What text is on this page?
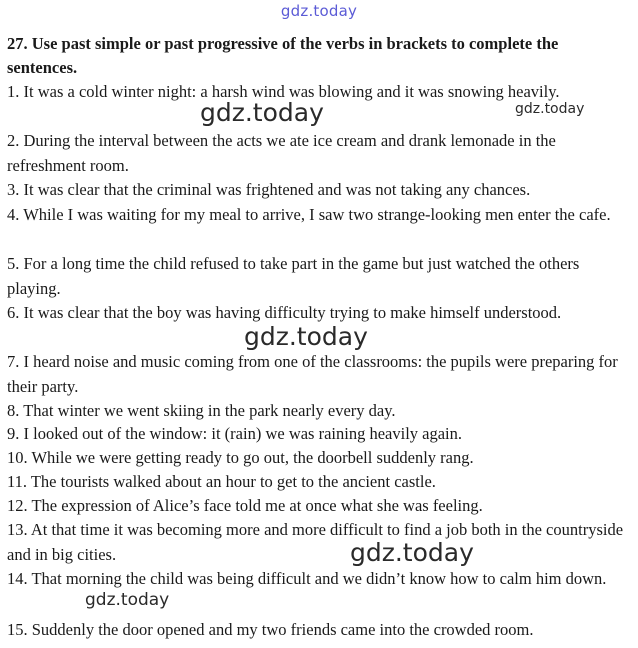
gdz.today
27. Use past simple or past progressive of the verbs in brackets to complete the sentences.
1. It was a cold winter night: a harsh wind was blowing and it was snowing heavily.
2. During the interval between the acts we ate ice cream and drank lemonade in the refreshment room.
3. It was clear that the criminal was frightened and was not taking any chances.
4. While I was waiting for my meal to arrive, I saw two strange-looking men enter the cafe.
5. For a long time the child refused to take part in the game but just watched the others playing.
6. It was clear that the boy was having difficulty trying to make himself understood.
7. I heard noise and music coming from one of the classrooms: the pupils were preparing for their party.
8. That winter we went skiing in the park nearly every day.
9. I looked out of the window: it (rain) we was raining heavily again.
10. While we were getting ready to go out, the doorbell suddenly rang.
11. The tourists walked about an hour to get to the ancient castle.
12. The expression of Alice’s face told me at once what she was feeling.
13. At that time it was becoming more and more difficult to find a job both in the countryside and in big cities.
14. That morning the child was being difficult and we didn’t know how to calm him down.
15. Suddenly the door opened and my two friends came into the crowded room.
gdz.today	gdz.today
gdz.today
gdz.today
gdz.today
